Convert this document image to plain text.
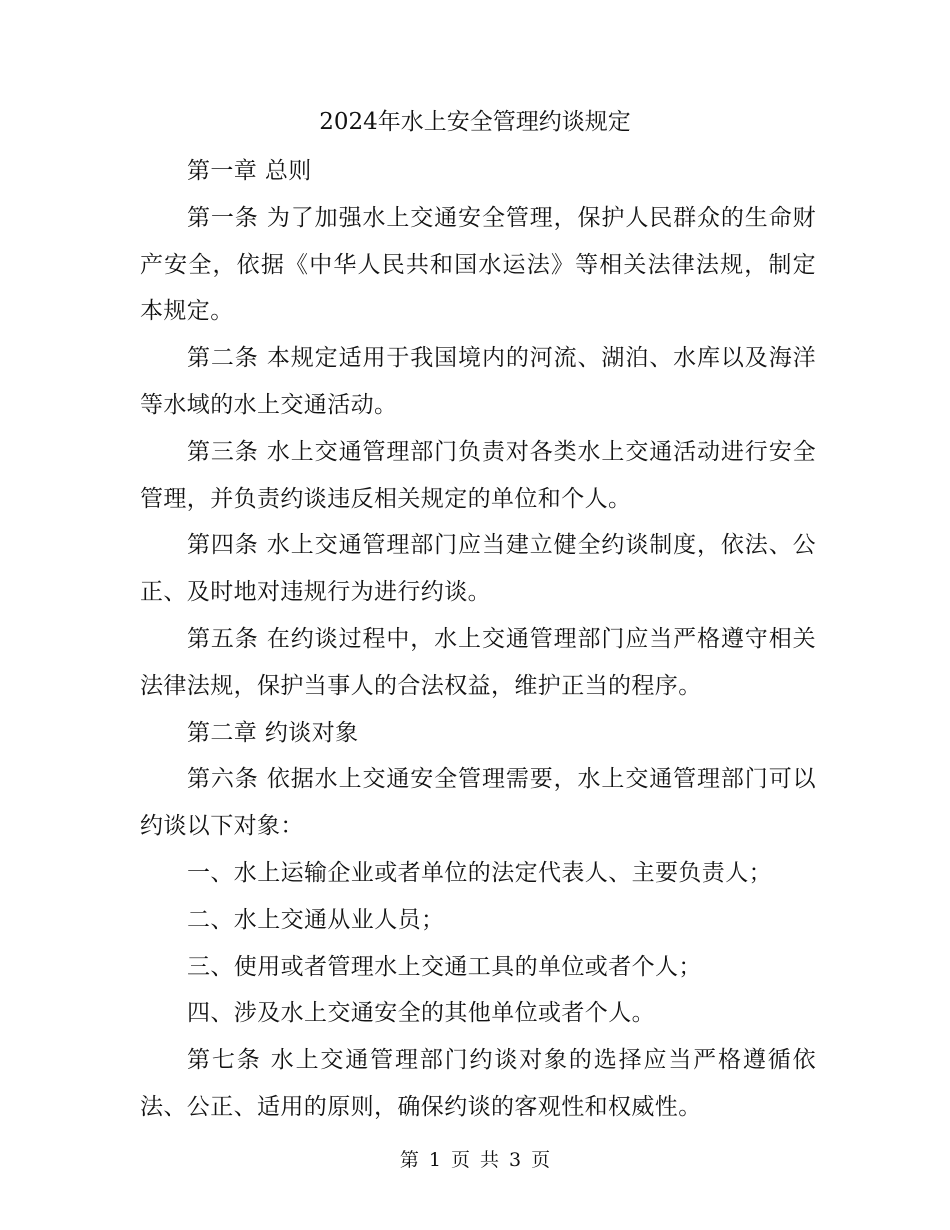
2024年水上安全管理约谈规定

第一章 总则

第一条 为了加强水上交通安全管理，保护人民群众的生命财产安全，依据《中华人民共和国水运法》等相关法律法规，制定本规定。

第二条 本规定适用于我国境内的河流、湖泊、水库以及海洋等水域的水上交通活动。

第三条 水上交通管理部门负责对各类水上交通活动进行安全管理，并负责约谈违反相关规定的单位和个人。

第四条 水上交通管理部门应当建立健全约谈制度，依法、公正、及时地对违规行为进行约谈。

第五条 在约谈过程中，水上交通管理部门应当严格遵守相关法律法规，保护当事人的合法权益，维护正当的程序。

第二章 约谈对象

第六条 依据水上交通安全管理需要，水上交通管理部门可以约谈以下对象：

一、水上运输企业或者单位的法定代表人、主要负责人；

二、水上交通从业人员；

三、使用或者管理水上交通工具的单位或者个人；

四、涉及水上交通安全的其他单位或者个人。

第七条 水上交通管理部门约谈对象的选择应当严格遵循依法、公正、适用的原则，确保约谈的客观性和权威性。

第 1 页 共 3 页
